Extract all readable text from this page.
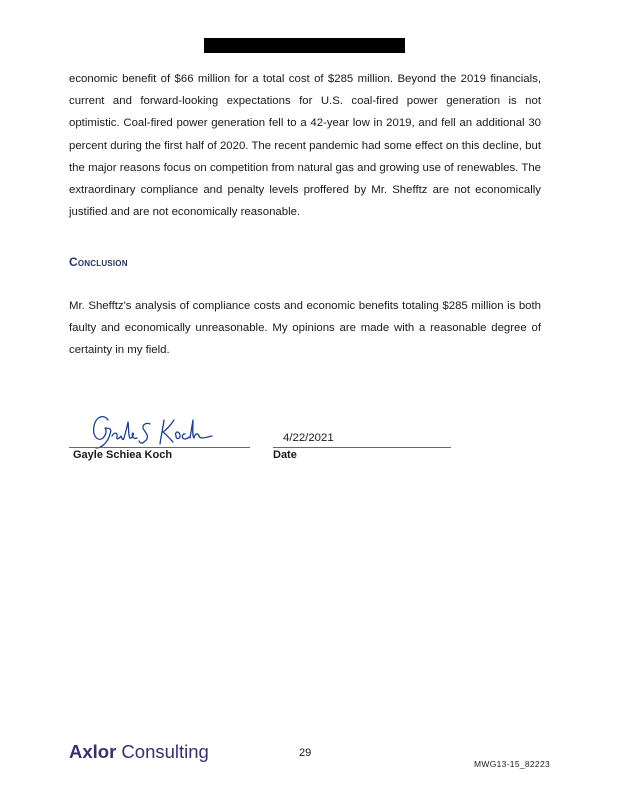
economic benefit of $66 million for a total cost of $285 million. Beyond the 2019 financials, current and forward-looking expectations for U.S. coal-fired power generation is not optimistic. Coal-fired power generation fell to a 42-year low in 2019, and fell an additional 30 percent during the first half of 2020. The recent pandemic had some effect on this decline, but the major reasons focus on competition from natural gas and growing use of renewables. The extraordinary compliance and penalty levels proffered by Mr. Shefftz are not economically justified and are not economically reasonable.

Conclusion

Mr. Shefftz's analysis of compliance costs and economic benefits totaling $285 million is both faulty and economically unreasonable. My opinions are made with a reasonable degree of certainty in my field.

Gayle Schiea Koch

4/22/2021

Date

Axlor Consulting	29

MWG13-15_82223
